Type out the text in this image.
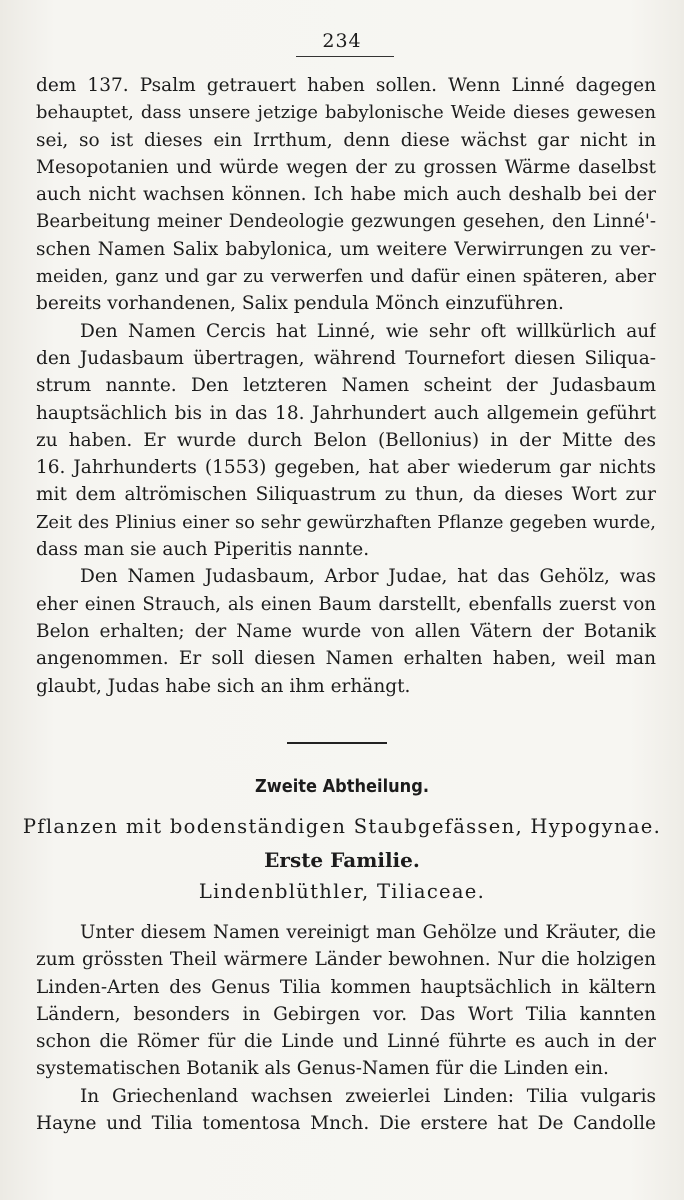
234
dem 137. Psalm getrauert haben sollen. Wenn Linné dagegen
behauptet, dass unsere jetzige babylonische Weide dieses gewesen
sei, so ist dieses ein Irrthum, denn diese wächst gar nicht in
Mesopotanien und würde wegen der zu grossen Wärme daselbst
auch nicht wachsen können. Ich habe mich auch deshalb bei der
Bearbeitung meiner Dendeologie gezwungen gesehen, den Linné'-
schen Namen Salix babylonica, um weitere Verwirrungen zu ver-
meiden, ganz und gar zu verwerfen und dafür einen späteren, aber
bereits vorhandenen, Salix pendula Mönch einzuführen.
Den Namen Cercis hat Linné, wie sehr oft willkürlich auf
den Judasbaum übertragen, während Tournefort diesen Siliqua-
strum nannte. Den letzteren Namen scheint der Judasbaum
hauptsächlich bis in das 18. Jahrhundert auch allgemein geführt
zu haben. Er wurde durch Belon (Bellonius) in der Mitte des
16. Jahrhunderts (1553) gegeben, hat aber wiederum gar nichts
mit dem altrömischen Siliquastrum zu thun, da dieses Wort zur
Zeit des Plinius einer so sehr gewürzhaften Pflanze gegeben wurde,
dass man sie auch Piperitis nannte.
Den Namen Judasbaum, Arbor Judae, hat das Gehölz, was
eher einen Strauch, als einen Baum darstellt, ebenfalls zuerst von
Belon erhalten; der Name wurde von allen Vätern der Botanik
angenommen. Er soll diesen Namen erhalten haben, weil man
glaubt, Judas habe sich an ihm erhängt.
Zweite Abtheilung.
Pflanzen mit bodenständigen Staubgefässen, Hypogynae.
Erste Familie.
Lindenblüthler, Tiliaceae.
Unter diesem Namen vereinigt man Gehölze und Kräuter, die
zum grössten Theil wärmere Länder bewohnen. Nur die holzigen
Linden-Arten des Genus Tilia kommen hauptsächlich in kältern
Ländern, besonders in Gebirgen vor. Das Wort Tilia kannten
schon die Römer für die Linde und Linné führte es auch in der
systematischen Botanik als Genus-Namen für die Linden ein.
In Griechenland wachsen zweierlei Linden: Tilia vulgaris
Hayne und Tilia tomentosa Mnch. Die erstere hat De Candolle
